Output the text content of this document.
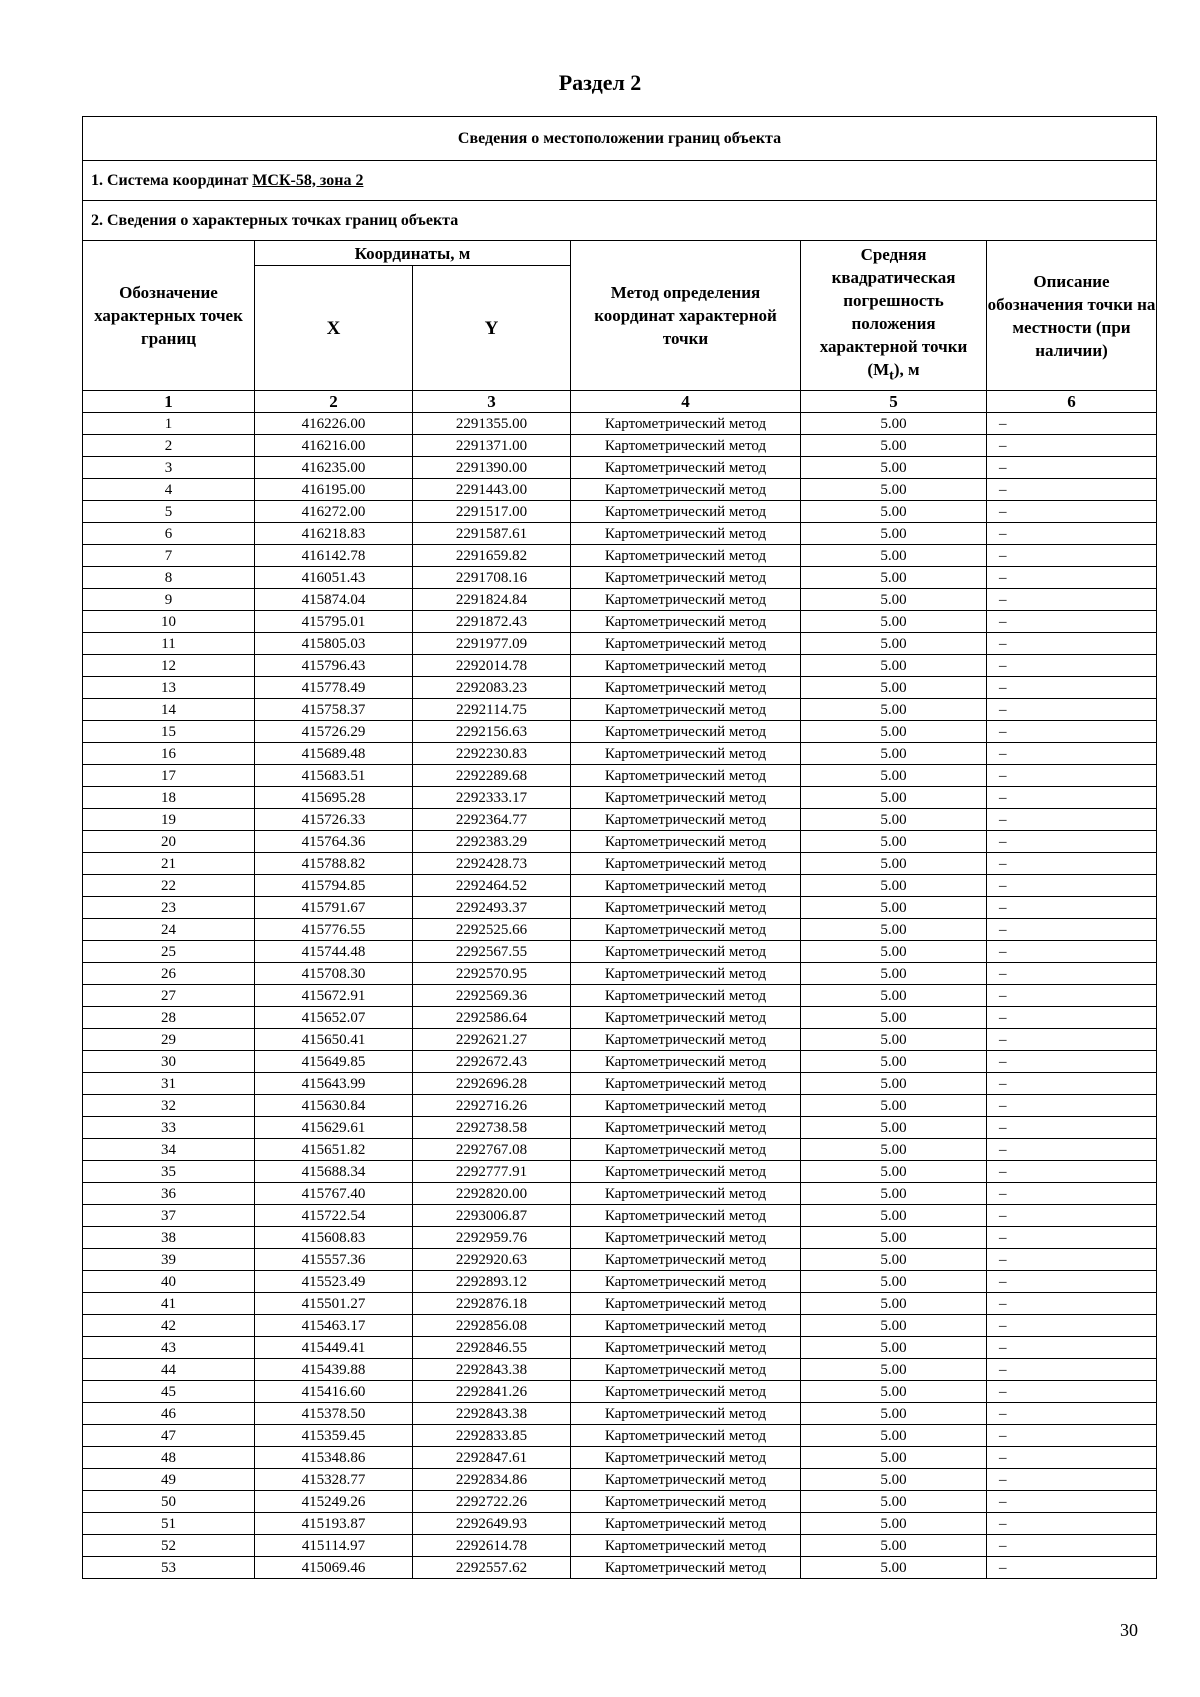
Раздел 2
Сведения о местоположении границ объекта					
1. Система координат МСК-58, зона 2					
2. Сведения о характерных точках границ объекта					
Обозначение характерных точек границ	Координаты, м		Метод определения координат характерной точки	Средняя квадратическая погрешность положения характерной точки $(M_t)$, м	Описание обозначения точки на местности (при наличии)
	X	Y			
1	2	3	4	5	6
1	416226.00	2291355.00	Картометрический метод	5.00	–
2	416216.00	2291371.00	Картометрический метод	5.00	–
3	416235.00	2291390.00	Картометрический метод	5.00	–
4	416195.00	2291443.00	Картометрический метод	5.00	–
5	416272.00	2291517.00	Картометрический метод	5.00	–
6	416218.83	2291587.61	Картометрический метод	5.00	–
7	416142.78	2291659.82	Картометрический метод	5.00	–
8	416051.43	2291708.16	Картометрический метод	5.00	–
9	415874.04	2291824.84	Картометрический метод	5.00	–
10	415795.01	2291872.43	Картометрический метод	5.00	–
11	415805.03	2291977.09	Картометрический метод	5.00	–
12	415796.43	2292014.78	Картометрический метод	5.00	–
13	415778.49	2292083.23	Картометрический метод	5.00	–
14	415758.37	2292114.75	Картометрический метод	5.00	–
15	415726.29	2292156.63	Картометрический метод	5.00	–
16	415689.48	2292230.83	Картометрический метод	5.00	–
17	415683.51	2292289.68	Картометрический метод	5.00	–
18	415695.28	2292333.17	Картометрический метод	5.00	–
19	415726.33	2292364.77	Картометрический метод	5.00	–
20	415764.36	2292383.29	Картометрический метод	5.00	–
21	415788.82	2292428.73	Картометрический метод	5.00	–
22	415794.85	2292464.52	Картометрический метод	5.00	–
23	415791.67	2292493.37	Картометрический метод	5.00	–
24	415776.55	2292525.66	Картометрический метод	5.00	–
25	415744.48	2292567.55	Картометрический метод	5.00	–
26	415708.30	2292570.95	Картометрический метод	5.00	–
27	415672.91	2292569.36	Картометрический метод	5.00	–
28	415652.07	2292586.64	Картометрический метод	5.00	–
29	415650.41	2292621.27	Картометрический метод	5.00	–
30	415649.85	2292672.43	Картометрический метод	5.00	–
31	415643.99	2292696.28	Картометрический метод	5.00	–
32	415630.84	2292716.26	Картометрический метод	5.00	–
33	415629.61	2292738.58	Картометрический метод	5.00	–
34	415651.82	2292767.08	Картометрический метод	5.00	–
35	415688.34	2292777.91	Картометрический метод	5.00	–
36	415767.40	2292820.00	Картометрический метод	5.00	–
37	415722.54	2293006.87	Картометрический метод	5.00	–
38	415608.83	2292959.76	Картометрический метод	5.00	–
39	415557.36	2292920.63	Картометрический метод	5.00	–
40	415523.49	2292893.12	Картометрический метод	5.00	–
41	415501.27	2292876.18	Картометрический метод	5.00	–
42	415463.17	2292856.08	Картометрический метод	5.00	–
43	415449.41	2292846.55	Картометрический метод	5.00	–
44	415439.88	2292843.38	Картометрический метод	5.00	–
45	415416.60	2292841.26	Картометрический метод	5.00	–
46	415378.50	2292843.38	Картометрический метод	5.00	–
47	415359.45	2292833.85	Картометрический метод	5.00	–
48	415348.86	2292847.61	Картометрический метод	5.00	–
49	415328.77	2292834.86	Картометрический метод	5.00	–
50	415249.26	2292722.26	Картометрический метод	5.00	–
51	415193.87	2292649.93	Картометрический метод	5.00	–
52	415114.97	2292614.78	Картометрический метод	5.00	–
53	415069.46	2292557.62	Картометрический метод	5.00	–
30
